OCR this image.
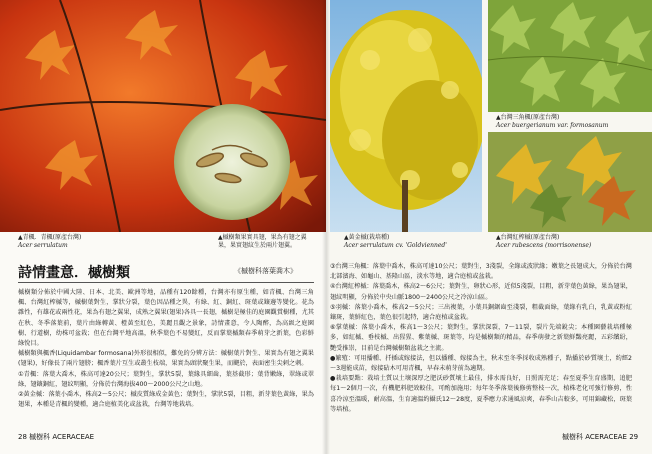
▲青楓．青楓(原產台灣)
Acer serrulatum
▲槭樹類果實具翅，果為有翅之翼果，果實翅紋生於兩片翅翼。
詩情畫意．槭樹類	《槭樹科落葉喬木》

槭樹類分佈於中國大陸、日本、北美、歐洲等地，品種有120餘種，台灣亦有原生種，如青楓、台灣三角楓、台灣紅榨槭等，槭樹葉對生，掌狀分裂，葉色因品種之異，有綠、紅、銅紅、斑葉或鑲邊等變化。花為雜性，有雄花或兩性花，果為有翅之翼果，成熟之翼果(翅果)各具一長翅，槭樹是極佳的庭園觀賞樹種，尤其在秋、冬季落葉前，葉片由綠轉黃、橙黃至紅色，美麗且觀之景象，詩情畫意，令人陶醉，為高級之庭園樹、行道樹，幼株可盆栽；但在台灣平地高溫，秋季葉色不易變紅，反而掌葉槭類春季萌芽之新葉，色彩鮮綠悅目。

槭樹類與楓香(Liquidambar formosana)外形很相似，難免的分辨方法：槭樹葉片對生、果實為有翅之翼果(翅果)，好像長了兩片翅膀；楓香葉片互生或叢生枝端，果實為頭狀聚生果，而颶於，表面密生尖刺之刺。

①青楓：落葉大喬木，株高可達20公尺；葉對生，掌狀5裂，葉緣具細齒，葉基截形；葉背嫩綠，翠綠或翠綠，翅鑲銅紅，翅紋明顯，分佈於台灣海拔400～2000公尺之山地。

②黃金槭：落葉小喬木，株高2～5公尺；槭皮質綠成金黃色；葉對生，掌狀5裂，目粗，新芽葉色黃綠，果為翅果，本種是青楓的變種，適合庭植美化或盆栽，台灣等地栽培。

28 槭樹科 ACERACEAE
▲黃金槭(栽培種)
Acer serrulatum cv. 'Goldvienned'
▲台灣三角楓(原產台灣)
Acer buergerianum var. formosanum
▲台灣紅榨槭(原產台灣)
Acer rubescens (morrisonense)

③台灣三角楓：落葉中喬木，株高可達10公尺；葉對生，3淺裂，全緣或波狀緣；嫩葉之長翅成大，分佈於台灣北部濱海、如龜山、基隆山區，淡水等地，適合庭植或盆栽。

④台灣紅榨槭：落葉喬木，株高2～6公尺；葉對生，卵狀心形，近似5淺裂，目粗，新芽葉色黃綠，果為翅果，翅紋明顯，分佈於中央山脈1800～2400公尺之冷涼山區。

⑤羽槭：落葉小喬木，株高2～5公尺；三出複葉，小葉具銅鋸齒至淺裂，粗截面綠，葉緣有乳白，乳黃或粉紅鑲斑，葉鮮紅色，葉色很引起特，適合庭植或盆栽。

⑥掌葉槭：落葉小喬木，株高1～3公尺；葉對生，掌狀深裂，7～11裂，裂片先端銳尖；本種園藝栽培種極多，如紅槭、垂枝槭、出猩猩、紫葉槭、斑葉等，均是槭樹類的精品，春季萌發之新葉鮮豔亮麗，五彩繽紛，艷受推崇，目前是台灣槭樹類盆栽之主流。

●繁殖：可用播種、扦插或嫁接法，但以播種、嫁接為主，秋末至冬季採收成熟種子，點播於砂質壤土，約經2～3週能成苗，嫁接砧木可用青楓，早春未萌芽前為適期。

●栽培要點：栽培土質以土壤深厚之肥沃砂質壤土最佳，排水需良好，日照需充足；春至夏季生育盛期，追肥每1～2個月一次，有機肥料肥效較佳，可酌加施用；每年冬季落葉後修剪整枝一次，植株老化可強行修剪，性喜冷涼至溫暖，耐高溫，生育適溫約攝氏12～28度，夏季應力求通風涼爽，春季山吉較多，可用錦藏松，斑葉等培植。

槭樹科 ACERACEAE 29
